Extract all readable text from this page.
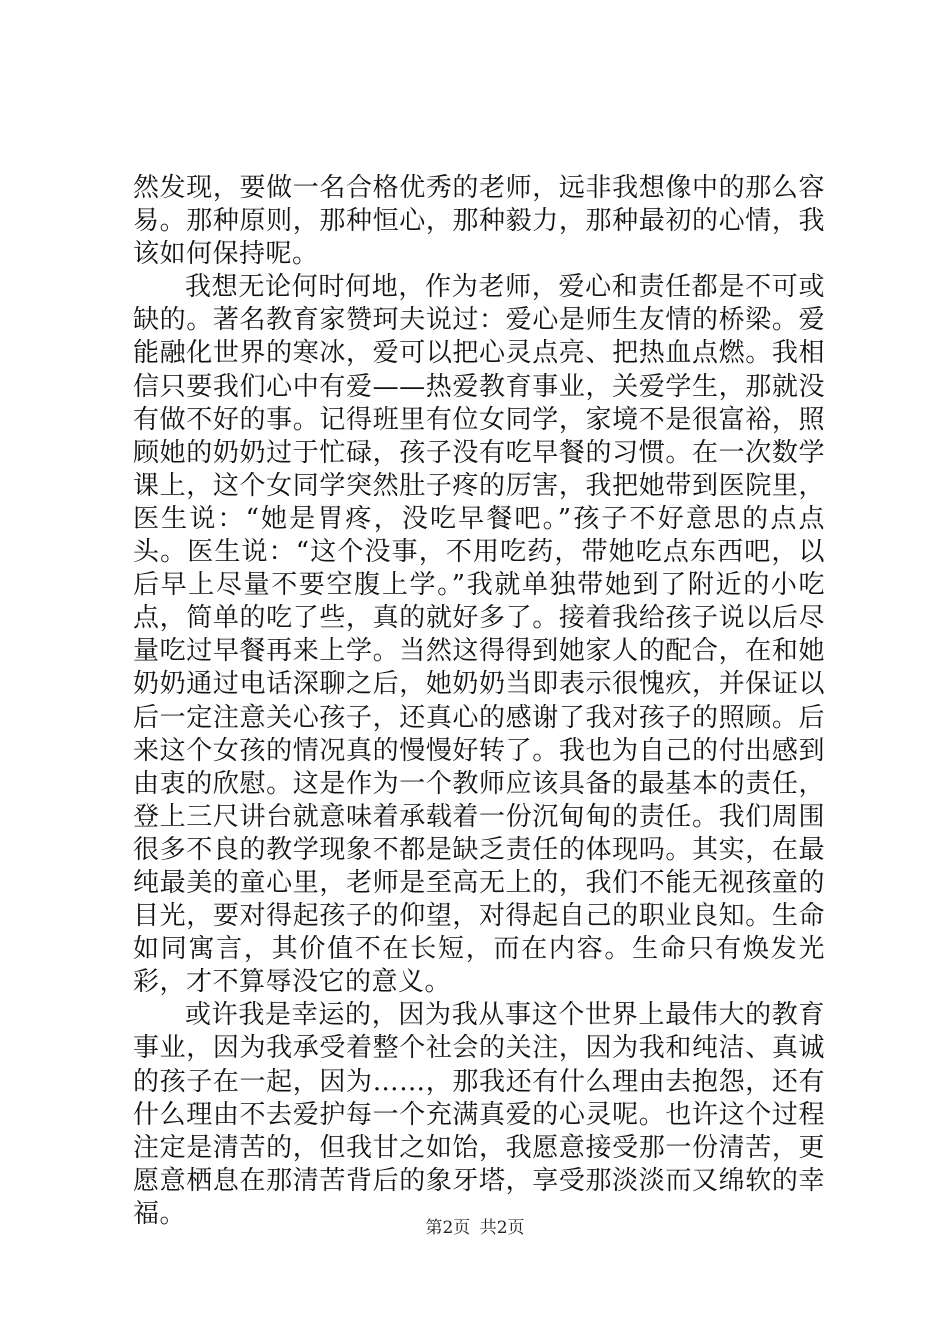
然发现，要做一名合格优秀的老师，远非我想像中的那么容易。那种原则，那种恒心，那种毅力，那种最初的心情，我该如何保持呢。

我想无论何时何地，作为老师，爱心和责任都是不可或缺的。著名教育家赞珂夫说过：爱心是师生友情的桥梁。爱能融化世界的寒冰，爱可以把心灵点亮、把热血点燃。我相信只要我们心中有爱——热爱教育事业，关爱学生，那就没有做不好的事。记得班里有位女同学，家境不是很富裕，照顾她的奶奶过于忙碌，孩子没有吃早餐的习惯。在一次数学课上，这个女同学突然肚子疼的厉害，我把她带到医院里，医生说：“她是胃疼，没吃早餐吧。”孩子不好意思的点点头。医生说：“这个没事，不用吃药，带她吃点东西吧，以后早上尽量不要空腹上学。”我就单独带她到了附近的小吃点，简单的吃了些，真的就好多了。接着我给孩子说以后尽量吃过早餐再来上学。当然这得得到她家人的配合，在和她奶奶通过电话深聊之后，她奶奶当即表示很愧疚，并保证以后一定注意关心孩子，还真心的感谢了我对孩子的照顾。后来这个女孩的情况真的慢慢好转了。我也为自己的付出感到由衷的欣慰。这是作为一个教师应该具备的最基本的责任，登上三尺讲台就意味着承载着一份沉甸甸的责任。我们周围很多不良的教学现象不都是缺乏责任的体现吗。其实，在最纯最美的童心里，老师是至高无上的，我们不能无视孩童的目光，要对得起孩子的仰望，对得起自己的职业良知。生命如同寓言，其价值不在长短，而在内容。生命只有焕发光彩，才不算辱没它的意义。

或许我是幸运的，因为我从事这个世界上最伟大的教育事业，因为我承受着整个社会的关注，因为我和纯洁、真诚的孩子在一起，因为……，那我还有什么理由去抱怨，还有什么理由不去爱护每一个充满真爱的心灵呢。也许这个过程注定是清苦的，但我甘之如饴，我愿意接受那一份清苦，更愿意栖息在那清苦背后的象牙塔，享受那淡淡而又绵软的幸福。	第2页 共2页
